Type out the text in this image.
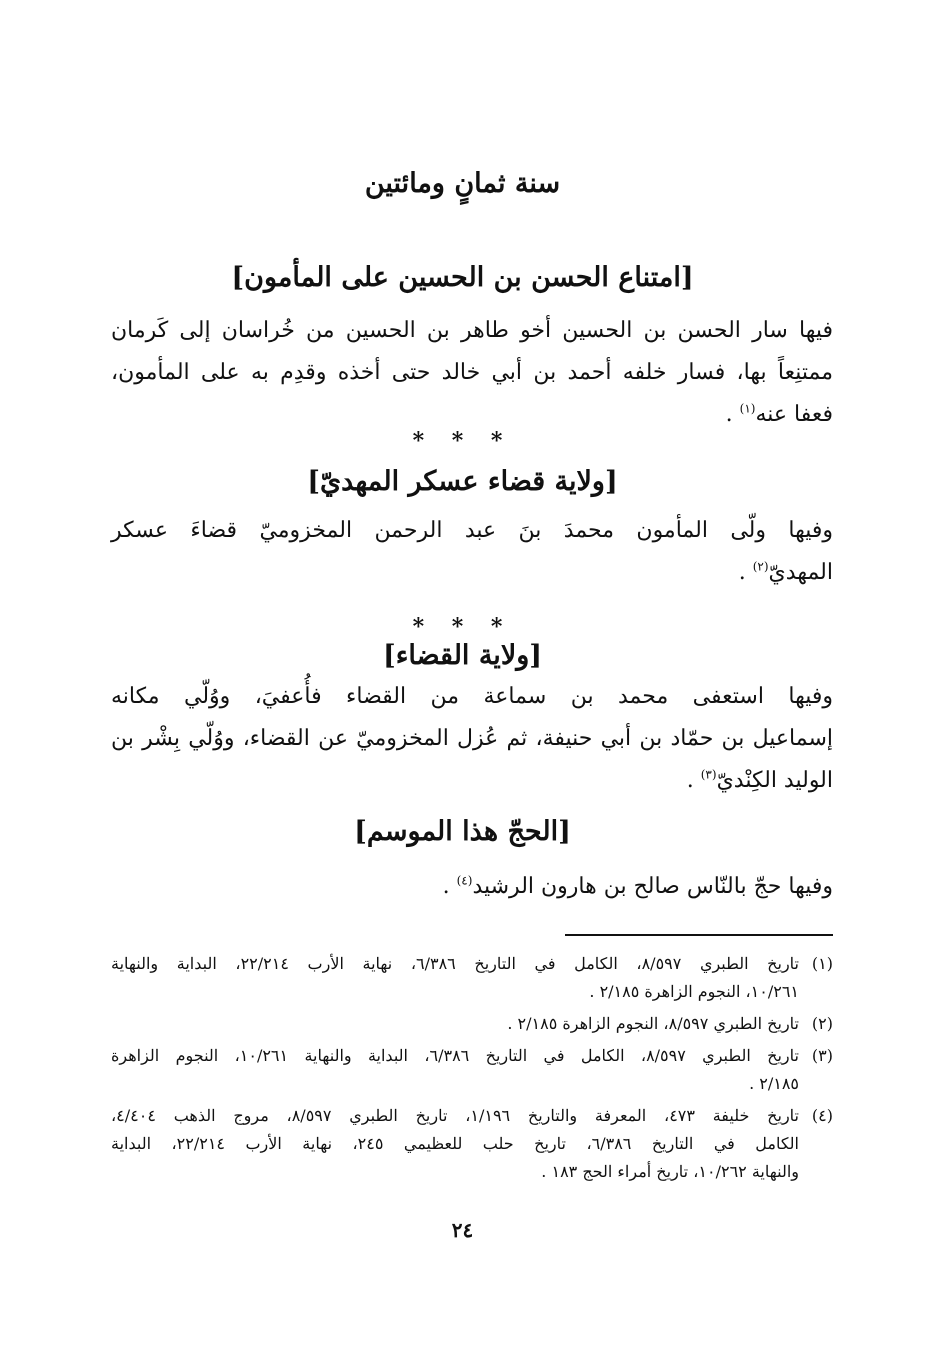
سنة ثمانٍ ومائتين
[امتناع الحسن بن الحسين على المأمون]

فيها سار الحسن بن الحسين أخو طاهر بن الحسين من خُراسان إلى كَرمان
ممتنِعاً بها، فسار خلفه أحمد بن أبي خالد حتى أخذه وقدِم به على المأمون،
فعفا عنه$^{(١)}$ .

* * *
[ولاية قضاء عسكر المهديّ]

وفيها ولّى المأمون محمدَ بنَ عبد الرحمن المخزوميّ قضاءَ عسكر
المهديّ$^{(٢)}$ .

* * *
[ولاية القضاء]

وفيها استعفى محمد بن سماعة من القضاء فأُعفيَ، ووُلّي مكانه
إسماعيل بن حمّاد بن أبي حنيفة، ثم عُزل المخزوميّ عن القضاء، ووُلّي بِشْر بن
الوليد الكِنْديّ$^{(٣)}$ .

[الحجّ هذا الموسم]

وفيها حجّ بالنّاس صالح بن هارون الرشيد$^{(٤)}$ .

(١)
تاريخ الطبري ٨/٥٩٧، الكامل في التاريخ ٦/٣٨٦، نهاية الأرب ٢٢/٢١٤، البداية والنهاية
١٠/٢٦١، النجوم الزاهرة ٢/١٨٥ .
(٢)
تاريخ الطبري ٨/٥٩٧، النجوم الزاهرة ٢/١٨٥ .
(٣)
تاريخ الطبري ٨/٥٩٧، الكامل في التاريخ ٦/٣٨٦، البداية والنهاية ١٠/٢٦١، النجوم الزاهرة
٢/١٨٥ .
(٤)
تاريخ خليفة ٤٧٣، المعرفة والتاريخ ١/١٩٦، تاريخ الطبري ٨/٥٩٧، مروج الذهب ٤/٤٠٤،
الكامل في التاريخ ٦/٣٨٦، تاريخ حلب للعظيمي ٢٤٥، نهاية الأرب ٢٢/٢١٤، البداية
والنهاية ١٠/٢٦٢، تاريخ أمراء الحج ١٨٣ .
٢٤
